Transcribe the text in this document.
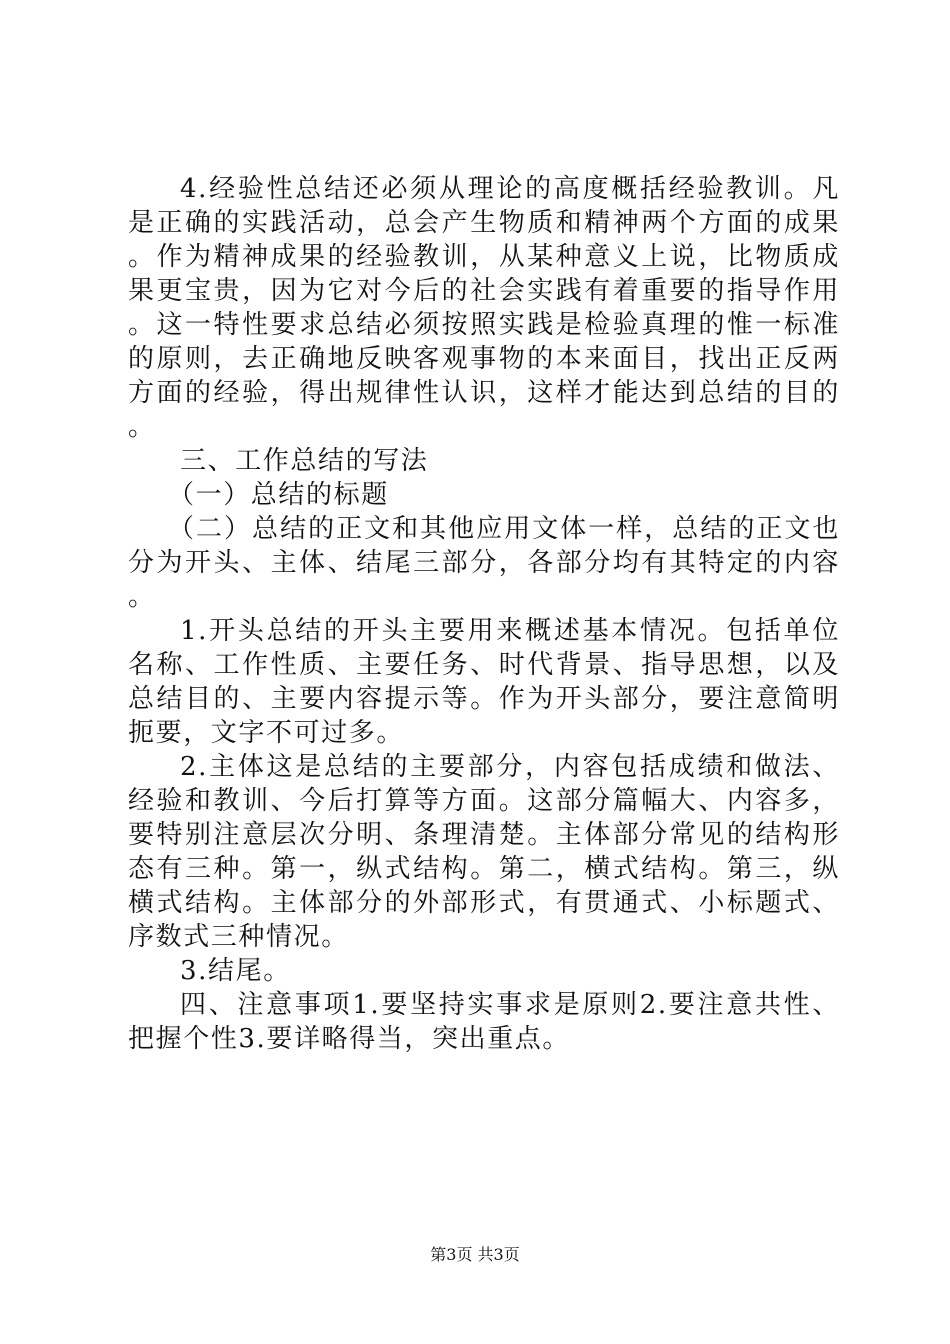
4.经验性总结还必须从理论的高度概括经验教训。凡是正确的实践活动，总会产生物质和精神两个方面的成果。作为精神成果的经验教训，从某种意义上说，比物质成果更宝贵，因为它对今后的社会实践有着重要的指导作用。这一特性要求总结必须按照实践是检验真理的惟一标准的原则，去正确地反映客观事物的本来面目，找出正反两方面的经验，得出规律性认识，这样才能达到总结的目的。

三、工作总结的写法

（一）总结的标题

（二）总结的正文和其他应用文体一样，总结的正文也分为开头、主体、结尾三部分，各部分均有其特定的内容。

1.开头总结的开头主要用来概述基本情况。包括单位名称、工作性质、主要任务、时代背景、指导思想，以及总结目的、主要内容提示等。作为开头部分，要注意简明扼要，文字不可过多。

2.主体这是总结的主要部分，内容包括成绩和做法、经验和教训、今后打算等方面。这部分篇幅大、内容多，要特别注意层次分明、条理清楚。主体部分常见的结构形态有三种。第一，纵式结构。第二，横式结构。第三，纵横式结构。主体部分的外部形式，有贯通式、小标题式、序数式三种情况。

3.结尾。

四、注意事项1.要坚持实事求是原则2.要注意共性、把握个性3.要详略得当，突出重点。

第3页 共3页
